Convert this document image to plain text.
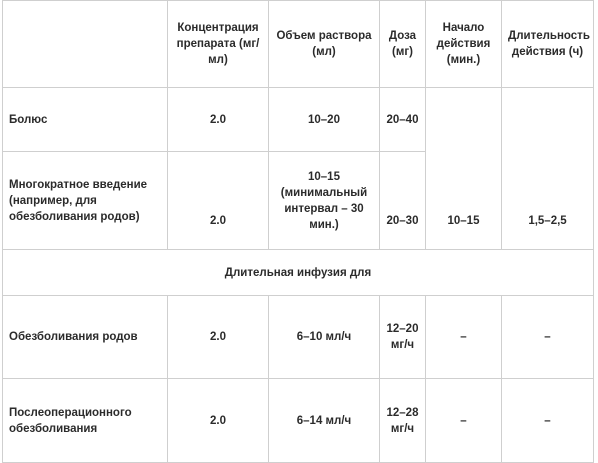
	Концентрация препарата (мг/мл)	Объем раствора (мл)	Доза (мг)	Начало действия (мин.)	Длительность действия (ч)
Болюс	2.0	10–20	20–40	10–15	1,5–2,5
Многократное введение (например, для обезболивания родов)	2.0	10–15 (минимальный интервал – 30 мин.)	20–30		
Длительная инфузия для					
Обезболивания родов	2.0	6–10 мл/ч	12–20 мг/ч	–	–
Послеоперационного обезболивания	2.0	6–14 мл/ч	12–28 мг/ч	–	–
